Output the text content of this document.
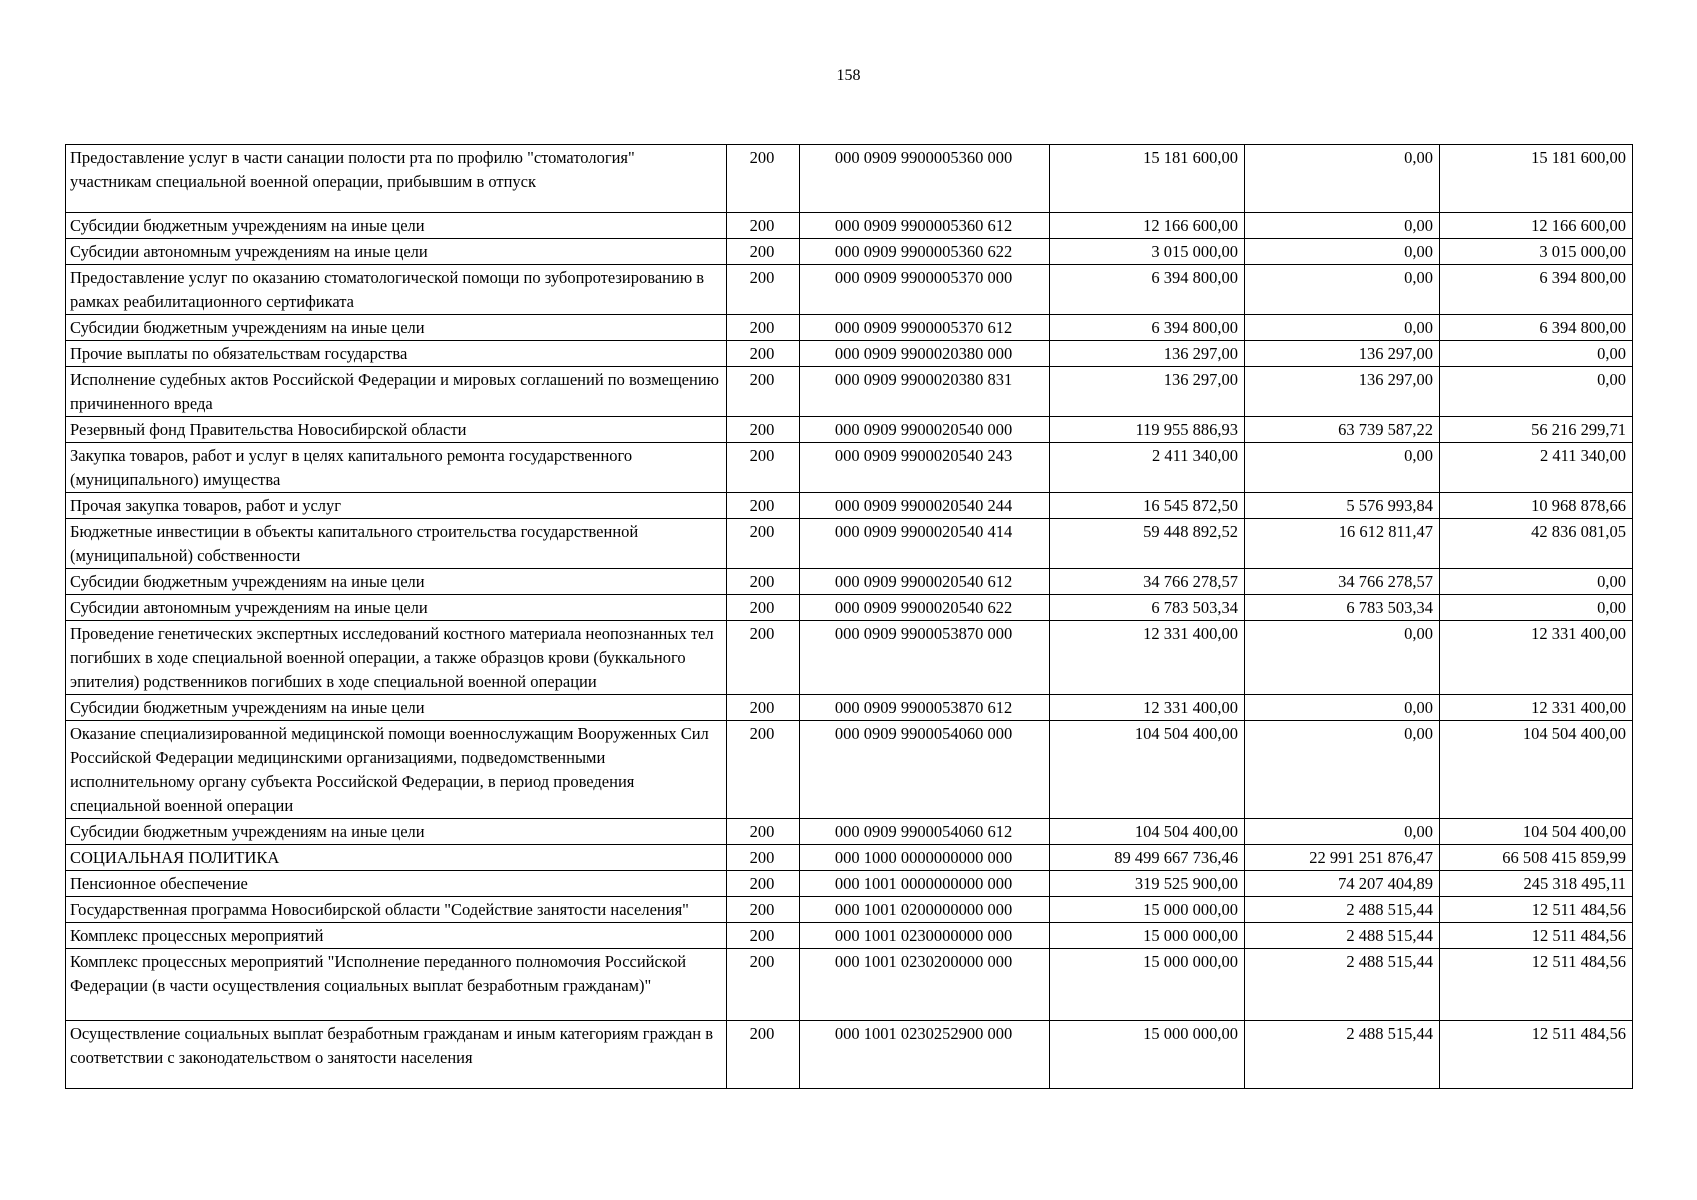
158
Предоставление услуг в части санации полости рта по профилю "стоматология" участникам специальной военной операции, прибывшим в отпуск	200	000 0909 9900005360 000	15 181 600,00	0,00	15 181 600,00
Субсидии бюджетным учреждениям на иные цели	200	000 0909 9900005360 612	12 166 600,00	0,00	12 166 600,00
Субсидии автономным учреждениям на иные цели	200	000 0909 9900005360 622	3 015 000,00	0,00	3 015 000,00
Предоставление услуг по оказанию стоматологической помощи по зубопротезированию в рамках реабилитационного сертификата	200	000 0909 9900005370 000	6 394 800,00	0,00	6 394 800,00
Субсидии бюджетным учреждениям на иные цели	200	000 0909 9900005370 612	6 394 800,00	0,00	6 394 800,00
Прочие выплаты по обязательствам государства	200	000 0909 9900020380 000	136 297,00	136 297,00	0,00
Исполнение судебных актов Российской Федерации и мировых соглашений по возмещению причиненного вреда	200	000 0909 9900020380 831	136 297,00	136 297,00	0,00
Резервный фонд Правительства Новосибирской области	200	000 0909 9900020540 000	119 955 886,93	63 739 587,22	56 216 299,71
Закупка товаров, работ и услуг в целях капитального ремонта государственного (муниципального) имущества	200	000 0909 9900020540 243	2 411 340,00	0,00	2 411 340,00
Прочая закупка товаров, работ и услуг	200	000 0909 9900020540 244	16 545 872,50	5 576 993,84	10 968 878,66
Бюджетные инвестиции в объекты капитального строительства государственной (муниципальной) собственности	200	000 0909 9900020540 414	59 448 892,52	16 612 811,47	42 836 081,05
Субсидии бюджетным учреждениям на иные цели	200	000 0909 9900020540 612	34 766 278,57	34 766 278,57	0,00
Субсидии автономным учреждениям на иные цели	200	000 0909 9900020540 622	6 783 503,34	6 783 503,34	0,00
Проведение генетических экспертных исследований костного материала неопознанных тел погибших в ходе специальной военной операции, а также образцов крови (буккального эпителия) родственников погибших в ходе специальной военной операции	200	000 0909 9900053870 000	12 331 400,00	0,00	12 331 400,00
Субсидии бюджетным учреждениям на иные цели	200	000 0909 9900053870 612	12 331 400,00	0,00	12 331 400,00
Оказание специализированной медицинской помощи военнослужащим Вооруженных Сил Российской Федерации медицинскими организациями, подведомственными исполнительному органу субъекта Российской Федерации, в период проведения специальной военной операции	200	000 0909 9900054060 000	104 504 400,00	0,00	104 504 400,00
Субсидии бюджетным учреждениям на иные цели	200	000 0909 9900054060 612	104 504 400,00	0,00	104 504 400,00
СОЦИАЛЬНАЯ ПОЛИТИКА	200	000 1000 0000000000 000	89 499 667 736,46	22 991 251 876,47	66 508 415 859,99
Пенсионное обеспечение	200	000 1001 0000000000 000	319 525 900,00	74 207 404,89	245 318 495,11
Государственная программа Новосибирской области "Содействие занятости населения"	200	000 1001 0200000000 000	15 000 000,00	2 488 515,44	12 511 484,56
Комплекс процессных мероприятий	200	000 1001 0230000000 000	15 000 000,00	2 488 515,44	12 511 484,56
Комплекс процессных мероприятий "Исполнение переданного полномочия Российской Федерации (в части осуществления социальных выплат безработным гражданам)"	200	000 1001 0230200000 000	15 000 000,00	2 488 515,44	12 511 484,56
Осуществление социальных выплат безработным гражданам и иным категориям граждан в соответствии с законодательством о занятости населения	200	000 1001 0230252900 000	15 000 000,00	2 488 515,44	12 511 484,56
